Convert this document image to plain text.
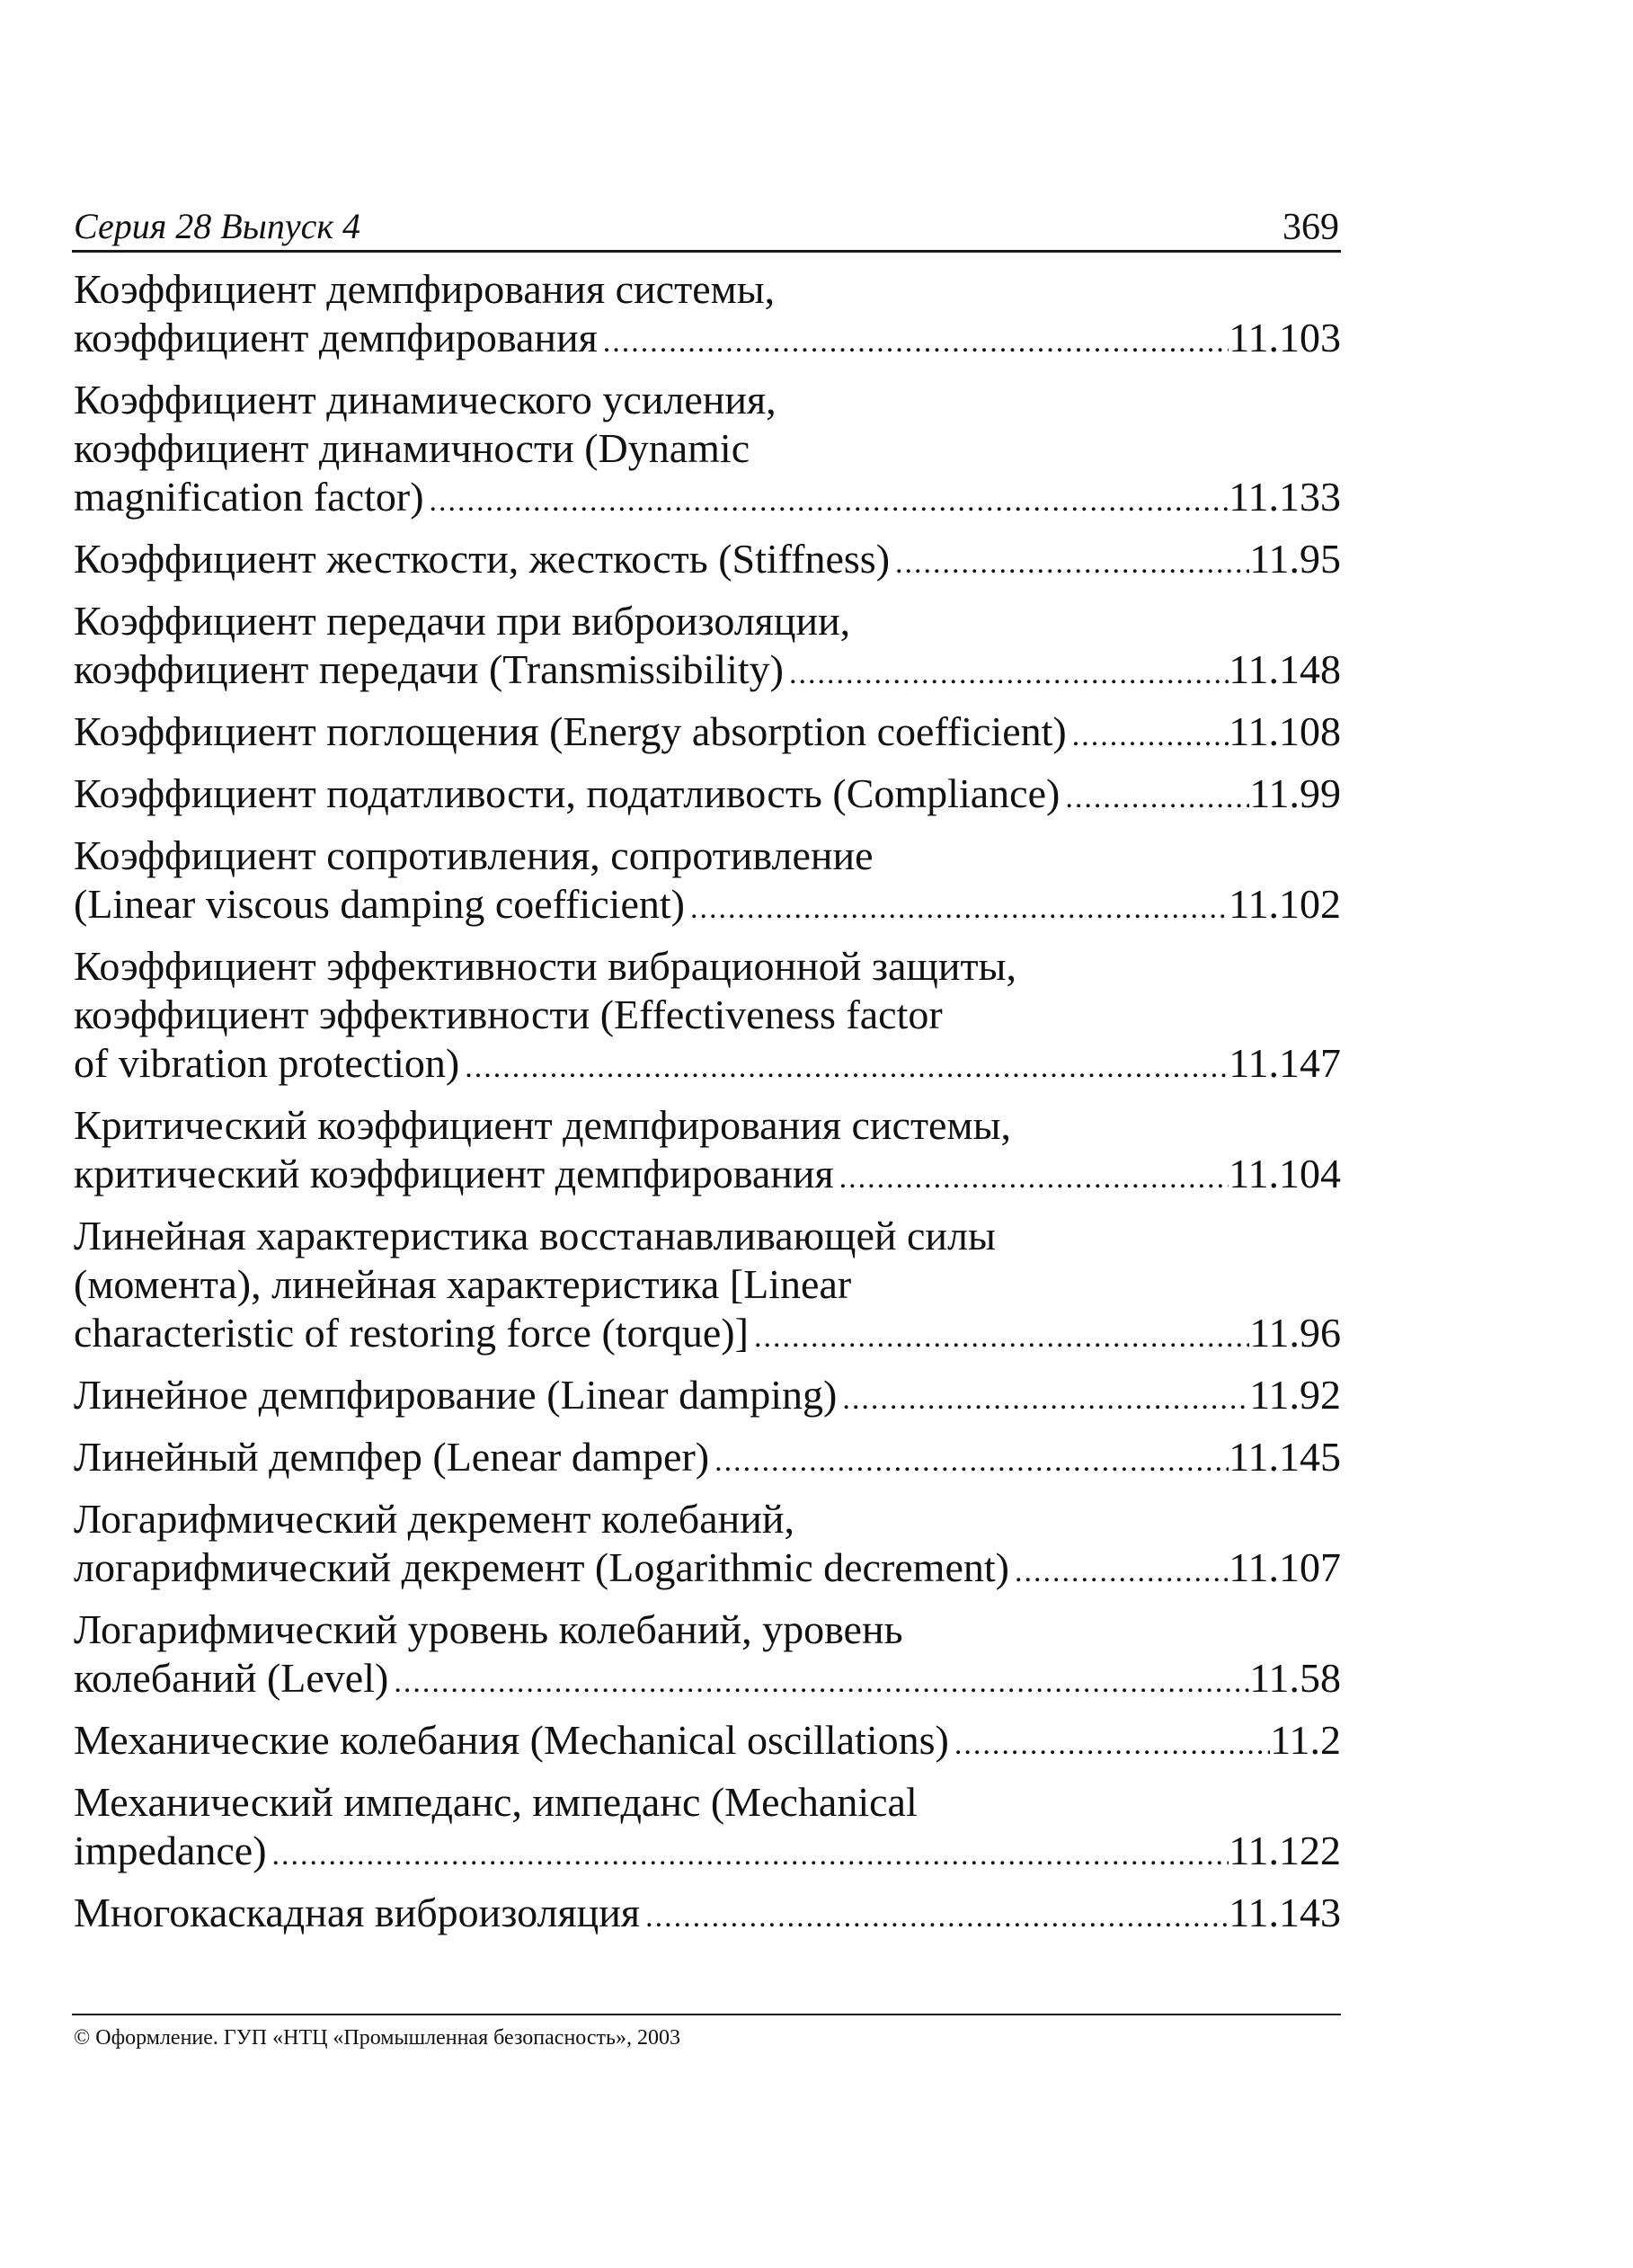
Серия 28 Выпуск 4	369
Коэффициент демпфирования системы,
коэффициент демпфирования .....	11.103
Коэффициент динамического усиления,
коэффициент динамичности (Dynamic
magnification factor) .....	11.133
Коэффициент жесткости, жесткость (Stiffness) .....	11.95
Коэффициент передачи при виброизоляции,
коэффициент передачи (Transmissibility) .....	11.148
Коэффициент поглощения (Energy absorption coefficient) .....	11.108
Коэффициент податливости, податливость (Compliance) .....	11.99
Коэффициент сопротивления, сопротивление
(Linear viscous damping coefficient) .....	11.102
Коэффициент эффективности вибрационной защиты,
коэффициент эффективности (Effectiveness factor
of vibration protection) .....	11.147
Критический коэффициент демпфирования системы,
критический коэффициент демпфирования .....	11.104
Линейная характеристика восстанавливающей силы
(момента), линейная характеристика [Linear
characteristic of restoring force (torque)] .....	11.96
Линейное демпфирование (Linear damping) .....	11.92
Линейный демпфер (Lenear damper) .....	11.145
Логарифмический декремент колебаний,
логарифмический декремент (Logarithmic decrement) .....	11.107
Логарифмический уровень колебаний, уровень
колебаний (Level) .....	11.58
Механические колебания (Mechanical oscillations) .....	11.2
Механический импеданс, импеданс (Mechanical
impedance) .....	11.122
Многокаскадная виброизоляция .....	11.143
© Оформление. ГУП «НТЦ «Промышленная безопасность», 2003
